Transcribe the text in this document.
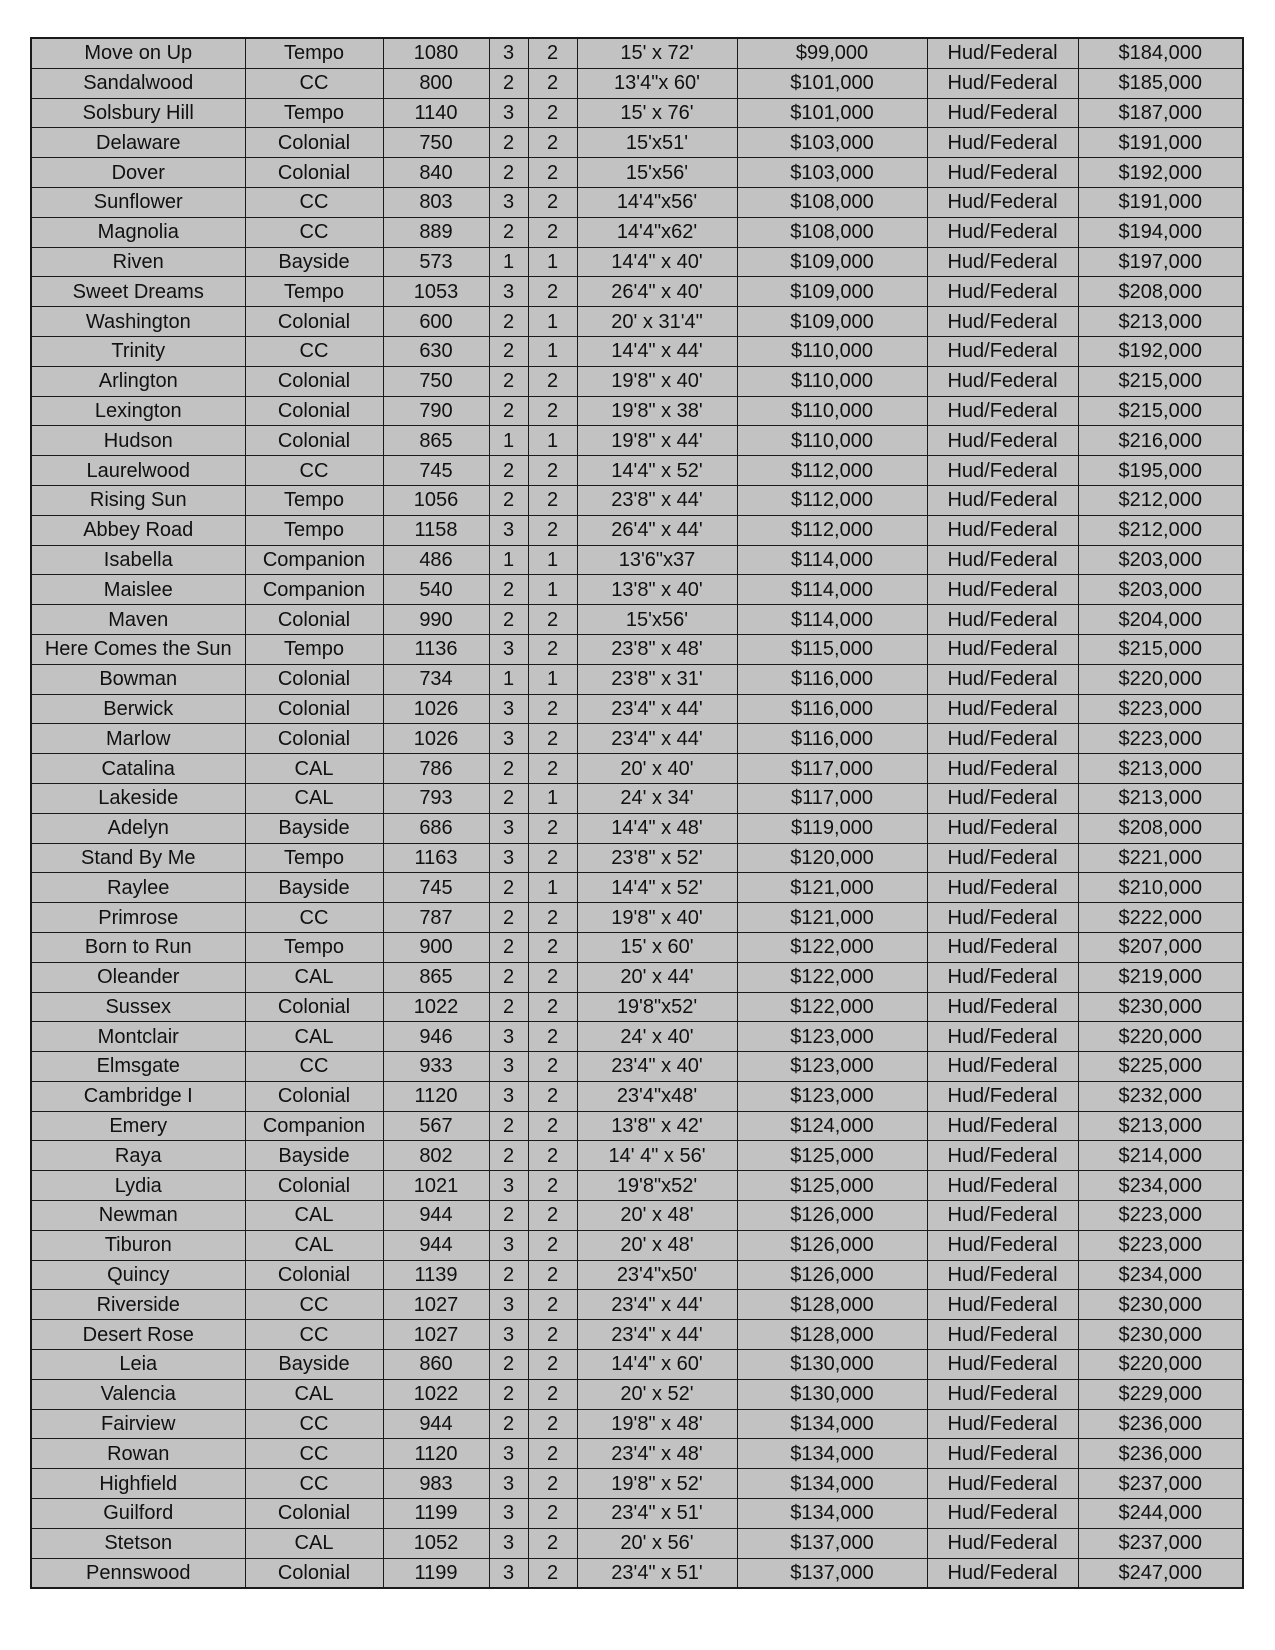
Move on Up	Tempo	1080	3	2	15' x 72'	$99,000	Hud/Federal	$184,000
Sandalwood	CC	800	2	2	13'4"x 60'	$101,000	Hud/Federal	$185,000
Solsbury Hill	Tempo	1140	3	2	15' x 76'	$101,000	Hud/Federal	$187,000
Delaware	Colonial	750	2	2	15'x51'	$103,000	Hud/Federal	$191,000
Dover	Colonial	840	2	2	15'x56'	$103,000	Hud/Federal	$192,000
Sunflower	CC	803	3	2	14'4"x56'	$108,000	Hud/Federal	$191,000
Magnolia	CC	889	2	2	14'4"x62'	$108,000	Hud/Federal	$194,000
Riven	Bayside	573	1	1	14'4" x 40'	$109,000	Hud/Federal	$197,000
Sweet Dreams	Tempo	1053	3	2	26'4" x 40'	$109,000	Hud/Federal	$208,000
Washington	Colonial	600	2	1	20' x 31'4"	$109,000	Hud/Federal	$213,000
Trinity	CC	630	2	1	14'4" x 44'	$110,000	Hud/Federal	$192,000
Arlington	Colonial	750	2	2	19'8" x 40'	$110,000	Hud/Federal	$215,000
Lexington	Colonial	790	2	2	19'8" x 38'	$110,000	Hud/Federal	$215,000
Hudson	Colonial	865	1	1	19'8" x 44'	$110,000	Hud/Federal	$216,000
Laurelwood	CC	745	2	2	14'4" x 52'	$112,000	Hud/Federal	$195,000
Rising Sun	Tempo	1056	2	2	23'8" x 44'	$112,000	Hud/Federal	$212,000
Abbey Road	Tempo	1158	3	2	26'4" x 44'	$112,000	Hud/Federal	$212,000
Isabella	Companion	486	1	1	13'6"x37	$114,000	Hud/Federal	$203,000
Maislee	Companion	540	2	1	13'8" x 40'	$114,000	Hud/Federal	$203,000
Maven	Colonial	990	2	2	15'x56'	$114,000	Hud/Federal	$204,000
Here Comes the Sun	Tempo	1136	3	2	23'8" x 48'	$115,000	Hud/Federal	$215,000
Bowman	Colonial	734	1	1	23'8" x 31'	$116,000	Hud/Federal	$220,000
Berwick	Colonial	1026	3	2	23'4" x 44'	$116,000	Hud/Federal	$223,000
Marlow	Colonial	1026	3	2	23'4" x 44'	$116,000	Hud/Federal	$223,000
Catalina	CAL	786	2	2	20' x 40'	$117,000	Hud/Federal	$213,000
Lakeside	CAL	793	2	1	24' x 34'	$117,000	Hud/Federal	$213,000
Adelyn	Bayside	686	3	2	14'4" x 48'	$119,000	Hud/Federal	$208,000
Stand By Me	Tempo	1163	3	2	23'8" x 52'	$120,000	Hud/Federal	$221,000
Raylee	Bayside	745	2	1	14'4" x 52'	$121,000	Hud/Federal	$210,000
Primrose	CC	787	2	2	19'8" x 40'	$121,000	Hud/Federal	$222,000
Born to Run	Tempo	900	2	2	15' x 60'	$122,000	Hud/Federal	$207,000
Oleander	CAL	865	2	2	20' x 44'	$122,000	Hud/Federal	$219,000
Sussex	Colonial	1022	2	2	19'8"x52'	$122,000	Hud/Federal	$230,000
Montclair	CAL	946	3	2	24' x 40'	$123,000	Hud/Federal	$220,000
Elmsgate	CC	933	3	2	23'4" x 40'	$123,000	Hud/Federal	$225,000
Cambridge I	Colonial	1120	3	2	23'4"x48'	$123,000	Hud/Federal	$232,000
Emery	Companion	567	2	2	13'8" x 42'	$124,000	Hud/Federal	$213,000
Raya	Bayside	802	2	2	14' 4" x 56'	$125,000	Hud/Federal	$214,000
Lydia	Colonial	1021	3	2	19'8"x52'	$125,000	Hud/Federal	$234,000
Newman	CAL	944	2	2	20' x 48'	$126,000	Hud/Federal	$223,000
Tiburon	CAL	944	3	2	20' x 48'	$126,000	Hud/Federal	$223,000
Quincy	Colonial	1139	2	2	23'4"x50'	$126,000	Hud/Federal	$234,000
Riverside	CC	1027	3	2	23'4" x 44'	$128,000	Hud/Federal	$230,000
Desert Rose	CC	1027	3	2	23'4" x 44'	$128,000	Hud/Federal	$230,000
Leia	Bayside	860	2	2	14'4" x 60'	$130,000	Hud/Federal	$220,000
Valencia	CAL	1022	2	2	20' x 52'	$130,000	Hud/Federal	$229,000
Fairview	CC	944	2	2	19'8" x 48'	$134,000	Hud/Federal	$236,000
Rowan	CC	1120	3	2	23'4" x 48'	$134,000	Hud/Federal	$236,000
Highfield	CC	983	3	2	19'8" x 52'	$134,000	Hud/Federal	$237,000
Guilford	Colonial	1199	3	2	23'4" x 51'	$134,000	Hud/Federal	$244,000
Stetson	CAL	1052	3	2	20' x 56'	$137,000	Hud/Federal	$237,000
Pennswood	Colonial	1199	3	2	23'4" x 51'	$137,000	Hud/Federal	$247,000
